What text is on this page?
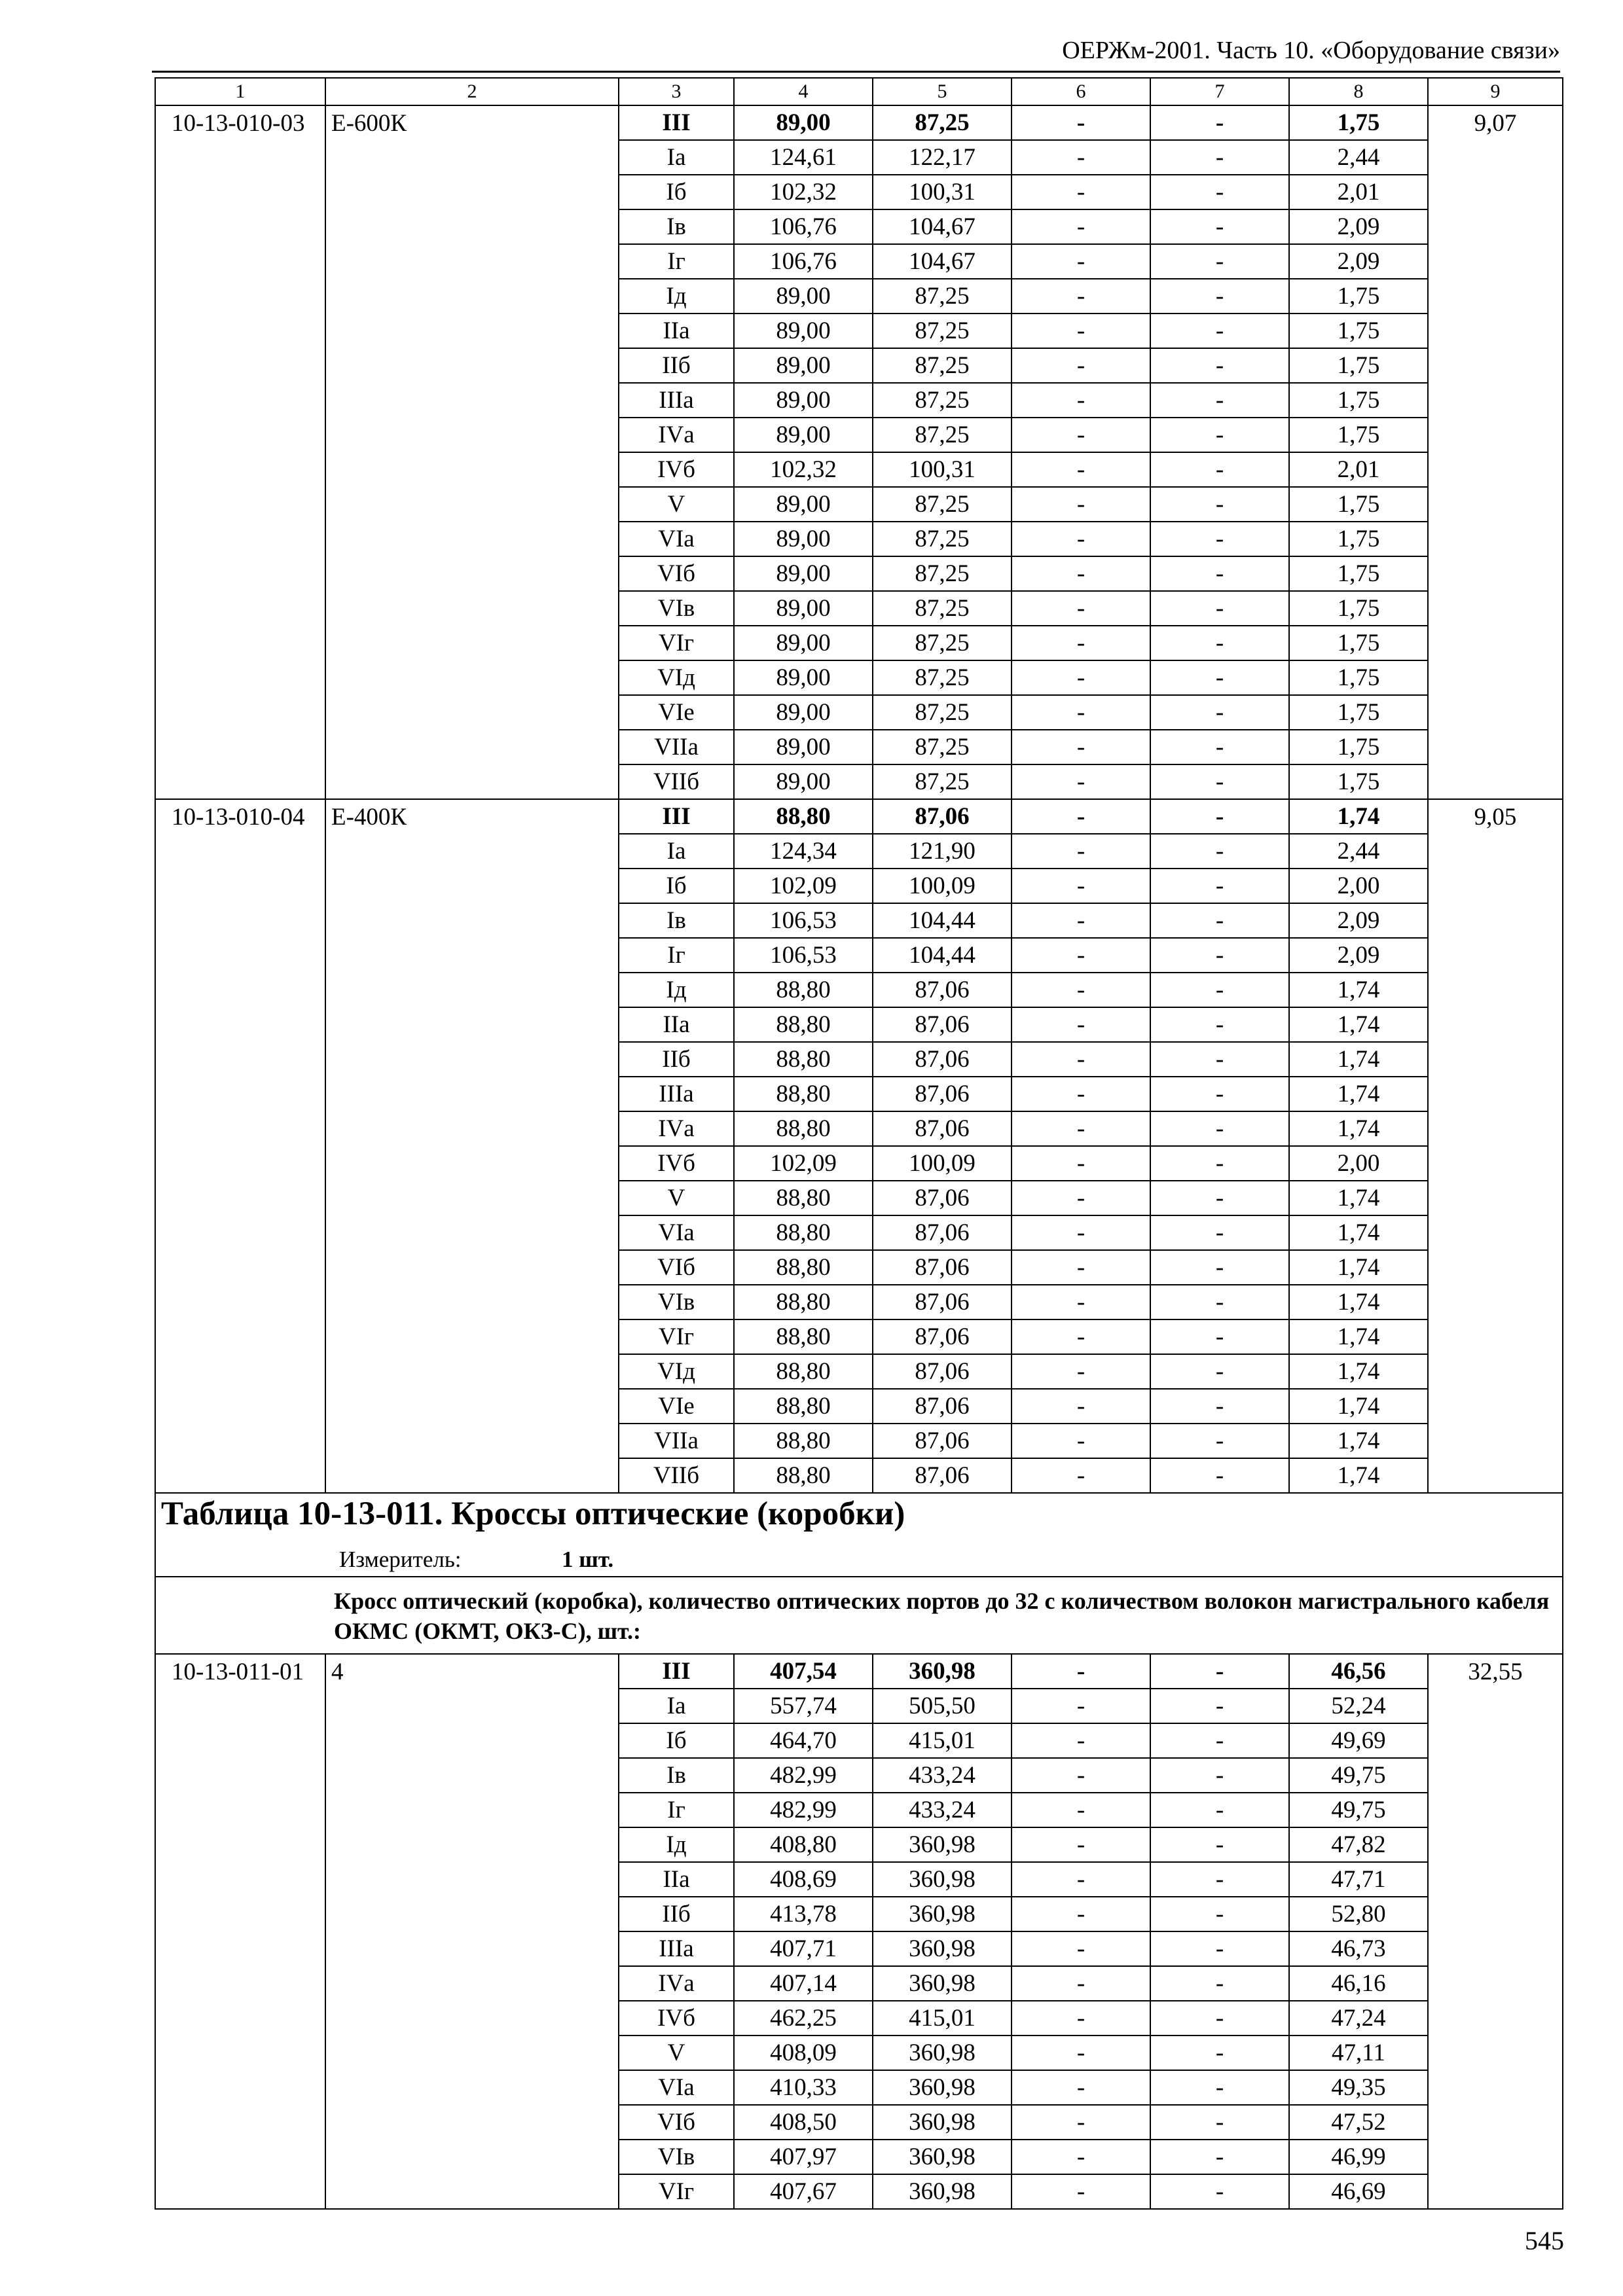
ОЕРЖм-2001. Часть 10. «Оборудование связи»
1	2	3	4	5	6	7	8	9
10-13-010-03	Е-600К	III	89,00	87,25	-	-	1,75	9,07
		Iа	124,61	122,17	-	-	2,44	
		Iб	102,32	100,31	-	-	2,01	
		Iв	106,76	104,67	-	-	2,09	
		Iг	106,76	104,67	-	-	2,09	
		Iд	89,00	87,25	-	-	1,75	
		IIа	89,00	87,25	-	-	1,75	
		IIб	89,00	87,25	-	-	1,75	
		IIIа	89,00	87,25	-	-	1,75	
		IVа	89,00	87,25	-	-	1,75	
		IVб	102,32	100,31	-	-	2,01	
		V	89,00	87,25	-	-	1,75	
		VIа	89,00	87,25	-	-	1,75	
		VIб	89,00	87,25	-	-	1,75	
		VIв	89,00	87,25	-	-	1,75	
		VIг	89,00	87,25	-	-	1,75	
		VIд	89,00	87,25	-	-	1,75	
		VIе	89,00	87,25	-	-	1,75	
		VIIа	89,00	87,25	-	-	1,75	
		VIIб	89,00	87,25	-	-	1,75	
10-13-010-04	Е-400К	III	88,80	87,06	-	-	1,74	9,05
		Iа	124,34	121,90	-	-	2,44	
		Iб	102,09	100,09	-	-	2,00	
		Iв	106,53	104,44	-	-	2,09	
		Iг	106,53	104,44	-	-	2,09	
		Iд	88,80	87,06	-	-	1,74	
		IIа	88,80	87,06	-	-	1,74	
		IIб	88,80	87,06	-	-	1,74	
		IIIа	88,80	87,06	-	-	1,74	
		IVа	88,80	87,06	-	-	1,74	
		IVб	102,09	100,09	-	-	2,00	
		V	88,80	87,06	-	-	1,74	
		VIа	88,80	87,06	-	-	1,74	
		VIб	88,80	87,06	-	-	1,74	
		VIв	88,80	87,06	-	-	1,74	
		VIг	88,80	87,06	-	-	1,74	
		VIд	88,80	87,06	-	-	1,74	
		VIе	88,80	87,06	-	-	1,74	
		VIIа	88,80	87,06	-	-	1,74	
		VIIб	88,80	87,06	-	-	1,74	
Таблица 10-13-011. Кроссы оптические (коробки)								
Измеритель: 1 шт.								
Кросс оптический (коробка), количество оптических портов до 32 с количеством волокон магистрального кабеля ОКМС (ОКМТ, ОКЗ-С), шт.:								
10-13-011-01	4	III	407,54	360,98	-	-	46,56	32,55
		Iа	557,74	505,50	-	-	52,24	
		Iб	464,70	415,01	-	-	49,69	
		Iв	482,99	433,24	-	-	49,75	
		Iг	482,99	433,24	-	-	49,75	
		Iд	408,80	360,98	-	-	47,82	
		IIа	408,69	360,98	-	-	47,71	
		IIб	413,78	360,98	-	-	52,80	
		IIIа	407,71	360,98	-	-	46,73	
		IVа	407,14	360,98	-	-	46,16	
		IVб	462,25	415,01	-	-	47,24	
		V	408,09	360,98	-	-	47,11	
		VIа	410,33	360,98	-	-	49,35	
		VIб	408,50	360,98	-	-	47,52	
		VIв	407,97	360,98	-	-	46,99	
		VIг	407,67	360,98	-	-	46,69	
545
